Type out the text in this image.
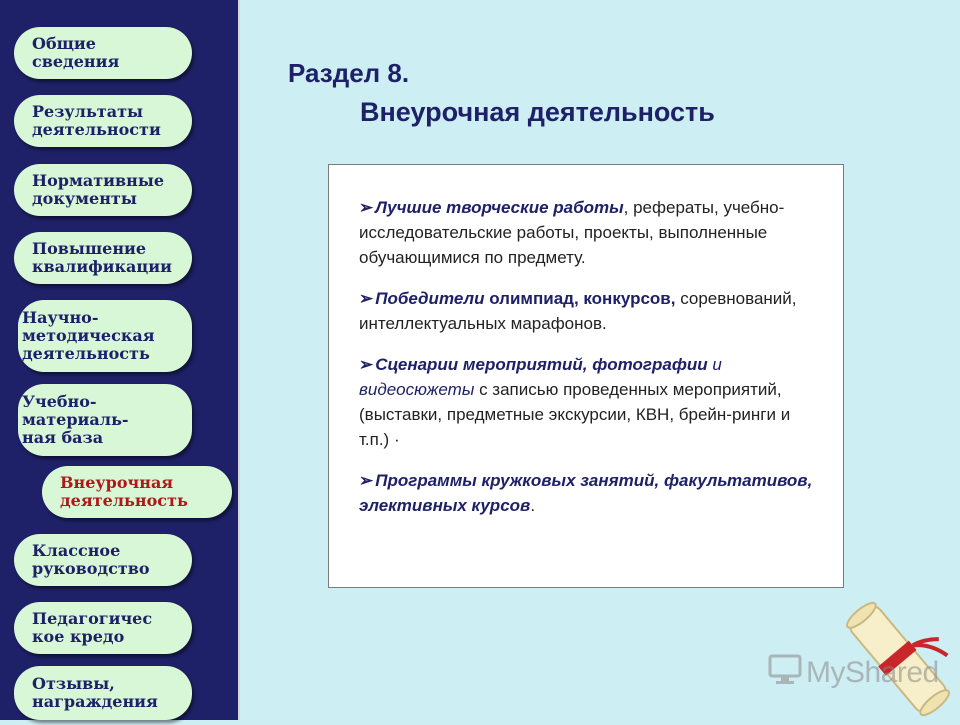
Общие
сведения
Результаты
деятельности
Нормативные
документы
Повышение
квалификации
Научно-
методическая
деятельность
Учебно-
материаль-
ная база
Внеурочная
деятельность
Классное
руководство
Педагогичес
кое кредо
Отзывы,
награждения
Раздел 8.
Внеурочная деятельность
➢ Лучшие творческие работы, рефераты, учебно-исследовательские работы, проекты, выполненные обучающимися по предмету.
➢ Победители олимпиад, конкурсов, соревнований, интеллектуальных марафонов.
➢ Сценарии мероприятий, фотографии и видеосюжеты с записью проведенных мероприятий, (выставки, предметные экскурсии, КВН, брейн-ринги и т.п.) ·
➢ Программы кружковых занятий, факультативов, элективных курсов.
MyShared
